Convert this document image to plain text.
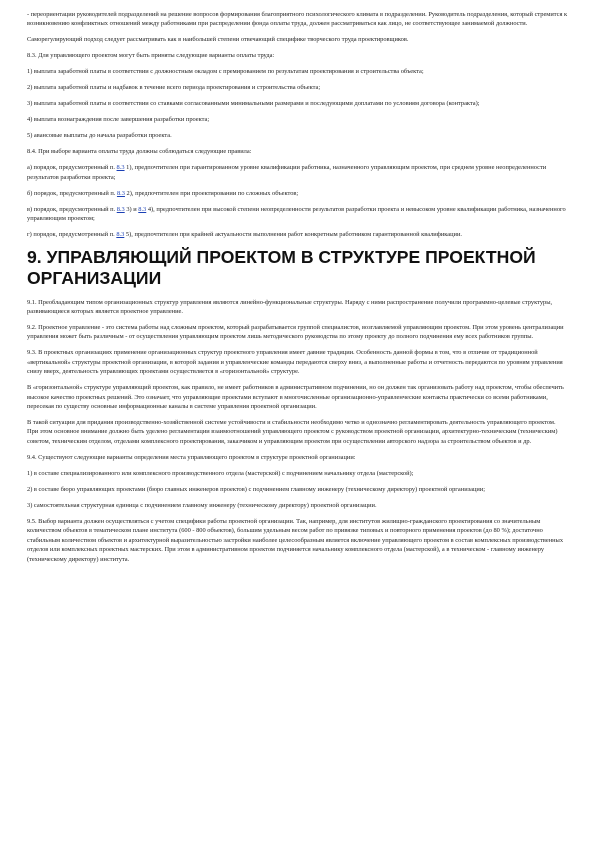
- переориентации руководителей подразделений на решение вопросов формирования благоприятного психологического климата в подразделении. Руководитель подразделения, который стремится к возникновению конфликтных отношений между работниками при распределении фонда оплаты труда, должен рассматриваться как лицо, не соответствующее занимаемой должности.

Саморегулирующий подход следует рассматривать как в наибольшей степени отвечающий специфике творческого труда проектировщиков.

8.3. Для управляющего проектом могут быть приняты следующие варианты оплаты труда:

1) выплата заработной платы в соответствии с должностным окладом с премированием по результатам проектирования и строительства объекта;

2) выплата заработной платы и надбавок в течение всего периода проектирования и строительства объекта;

3) выплата заработной платы в соответствии со ставками согласованными минимальными размерами и последующими доплатами по условиям договора (контракта);

4) выплата вознаграждения после завершения разработки проекта;

5) авансовые выплаты до начала разработки проекта.

8.4. При выборе варианта оплаты труда должны соблюдаться следующие правила:

а) порядок, предусмотренный п. 8.3 1), предпочтителен при гарантированном уровне квалификации работника, назначенного управляющим проектом, при среднем уровне неопределенности результатов разработки проекта;

б) порядок, предусмотренный п. 8.3 2), предпочтителен при проектировании по сложных объектов;

в) порядок, предусмотренный п. 8.3 3) и 8.3 4), предпочтителен при высокой степени неопределенности результатов разработки проекта и невысоком уровне квалификации работника, назначенного управляющим проектом;

г) порядок, предусмотренный п. 8.3 5), предпочтителен при крайней актуальности выполнения работ конкретным работником гарантированной квалификации.

9. УПРАВЛЯЮЩИЙ ПРОЕКТОМ В СТРУКТУРЕ ПРОЕКТНОЙ ОРГАНИЗАЦИИ

9.1. Преобладающим типом организационных структур управления являются линейно-функциональные структуры. Наряду с ними распространение получили программно-целевые структуры, развивающиеся которых является проектное управление.

9.2. Проектное управление - это система работы над сложным проектом, который разрабатывается группой специалистов, возглавляемой управляющим проектом. При этом уровень централизации управления может быть различным - от осуществления управляющим проектом лишь методического руководства по этому проекту до полного подчинения ему всех работников группы.

9.3. В проектных организациях применение организационных структур проектного управления имеет давние традиции. Особенность данной формы в том, что в отличие от традиционной «вертикальной» структуры проектной организации, в которой задания и управленческие команды передаются сверху вниз, а выполненные работы и отчетность передаются по уровням управления снизу вверх, деятельность управляющих проектами осуществляется в «горизонтальной» структуре.

В «горизонтальной» структуре управляющий проектом, как правило, не имеет работников в административном подчинении, но он должен так организовать работу над проектом, чтобы обеспечить высокое качество проектных решений. Это означает, что управляющие проектами вступают в многочисленные организационно-управленческие контакты практически со всеми работниками, пересекая по существу основные информационные каналы в системе управления проектной организации.

В такой ситуации для придания производственно-хозяйственной системе устойчивости и стабильности необходимо четко и однозначно регламентировать деятельность управляющего проектом. При этом основное внимание должно быть уделено регламентации взаимоотношений управляющего проектом с руководством проектной организации, архитектурно-техническим (техническим) советом, техническим отделом, отделами комплексного проектирования, заказчиком и управляющим проектом при осуществлении авторского надзора за строительством объектов и др.

9.4. Существуют следующие варианты определения места управляющего проектом в структуре проектной организации:

1) в составе специализированного или комплексного производственного отдела (мастерской) с подчинением начальнику отдела (мастерской);

2) в составе бюро управляющих проектами (бюро главных инженеров проектов) с подчинением главному инженеру (техническому директору) проектной организации;

3) самостоятельная структурная единица с подчинением главному инженеру (техническому директору) проектной организации.

9.5. Выбор варианта должен осуществляться с учетом специфики работы проектной организации. Так, например, для институтов жилищно-гражданского проектирования со значительным количеством объектов в тематическом плане института (600 - 800 объектов), большим удельным весом работ по привязке типовых и повторного применения проектов (до 80 %); достаточно стабильным количеством объектов и архитектурной выразительностью застройки наиболее целесообразным является включение управляющего проектом в состав комплексных производственных отделов или комплексных проектных мастерских. При этом в административном проектом подчиняется начальнику комплексного отдела (мастерской), а в техническом - главному инженеру (техническому директору) института.
